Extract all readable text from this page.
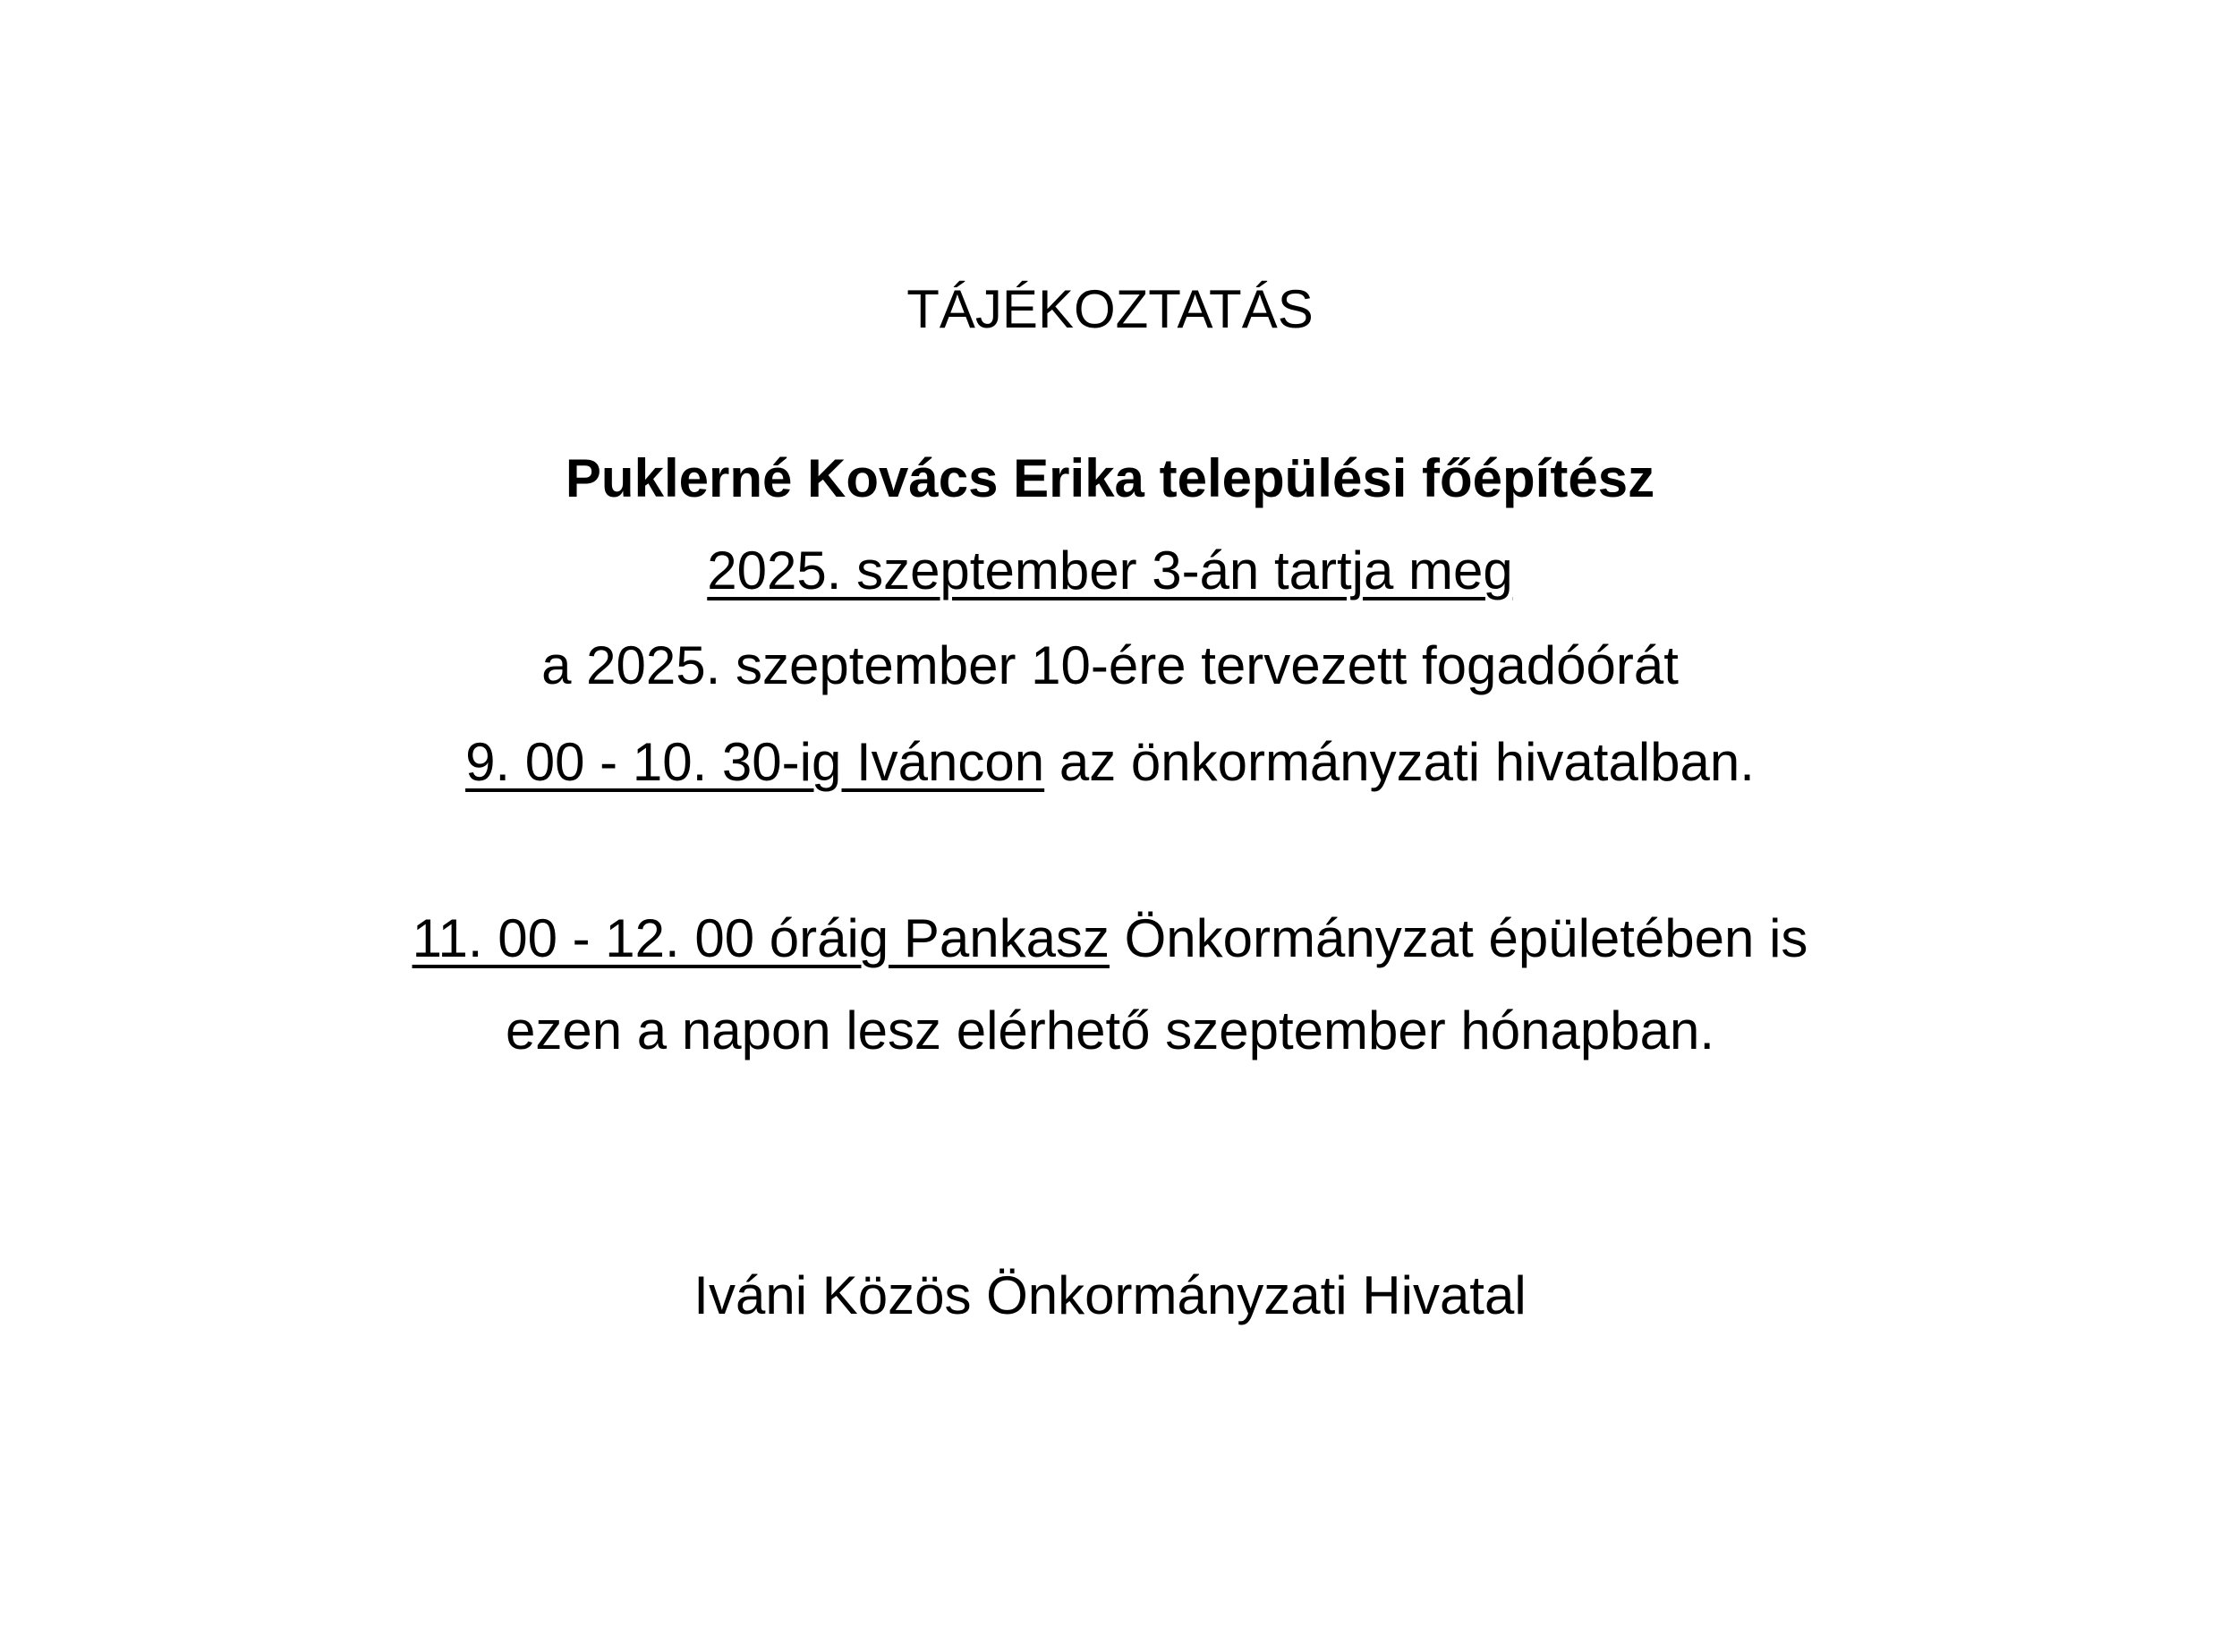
TÁJÉKOZTATÁS
Puklerné Kovács Erika települési főépítész
2025. szeptember 3-án tartja meg
a 2025. szeptember 10-ére tervezett fogadóórát
9. 00 - 10. 30-ig Iváncon az önkormányzati hivatalban.
11. 00 - 12. 00 óráig Pankasz Önkormányzat épületében is
ezen a napon lesz elérhető szeptember hónapban.
Iváni Közös Önkormányzati Hivatal
